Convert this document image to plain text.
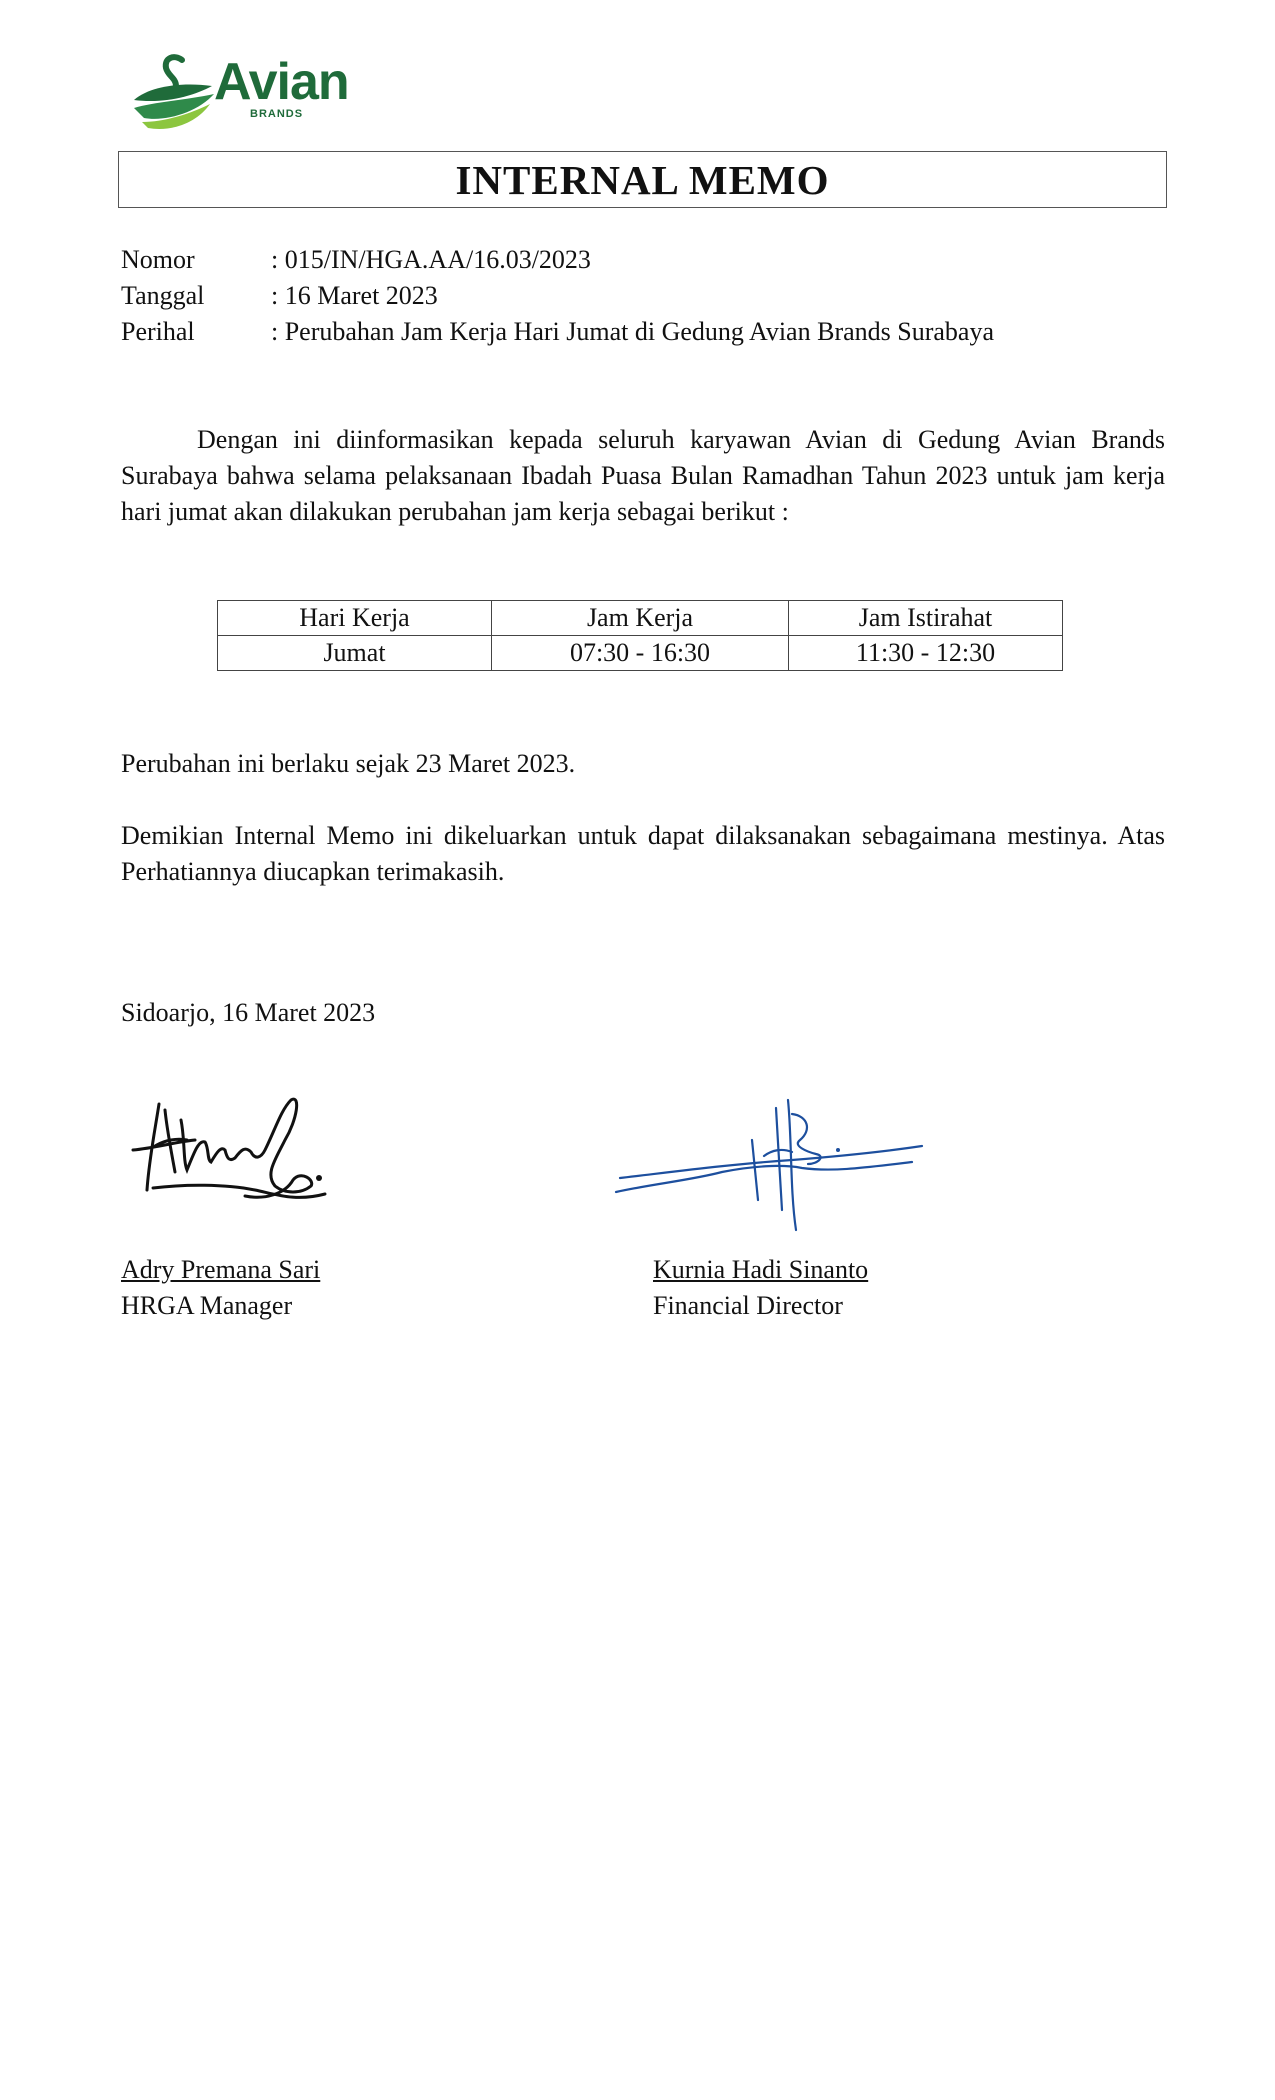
Avian
BRANDS
INTERNAL MEMO
Nomor	: 015/IN/HGA.AA/16.03/2023
Tanggal	: 16 Maret 2023
Perihal	: Perubahan Jam Kerja Hari Jumat di Gedung Avian Brands Surabaya
Dengan ini diinformasikan kepada seluruh karyawan Avian di Gedung Avian Brands Surabaya bahwa selama pelaksanaan Ibadah Puasa Bulan Ramadhan Tahun 2023 untuk jam kerja hari jumat akan dilakukan perubahan jam kerja sebagai berikut :
Hari Kerja	Jam Kerja	Jam Istirahat
Jumat	07:30 - 16:30	11:30 - 12:30
Perubahan ini berlaku sejak 23 Maret 2023.
Demikian Internal Memo ini dikeluarkan untuk dapat dilaksanakan sebagaimana mestinya. Atas Perhatiannya diucapkan terimakasih.
Sidoarjo, 16 Maret 2023
Adry Premana Sari
HRGA Manager
Kurnia Hadi Sinanto
Financial Director
